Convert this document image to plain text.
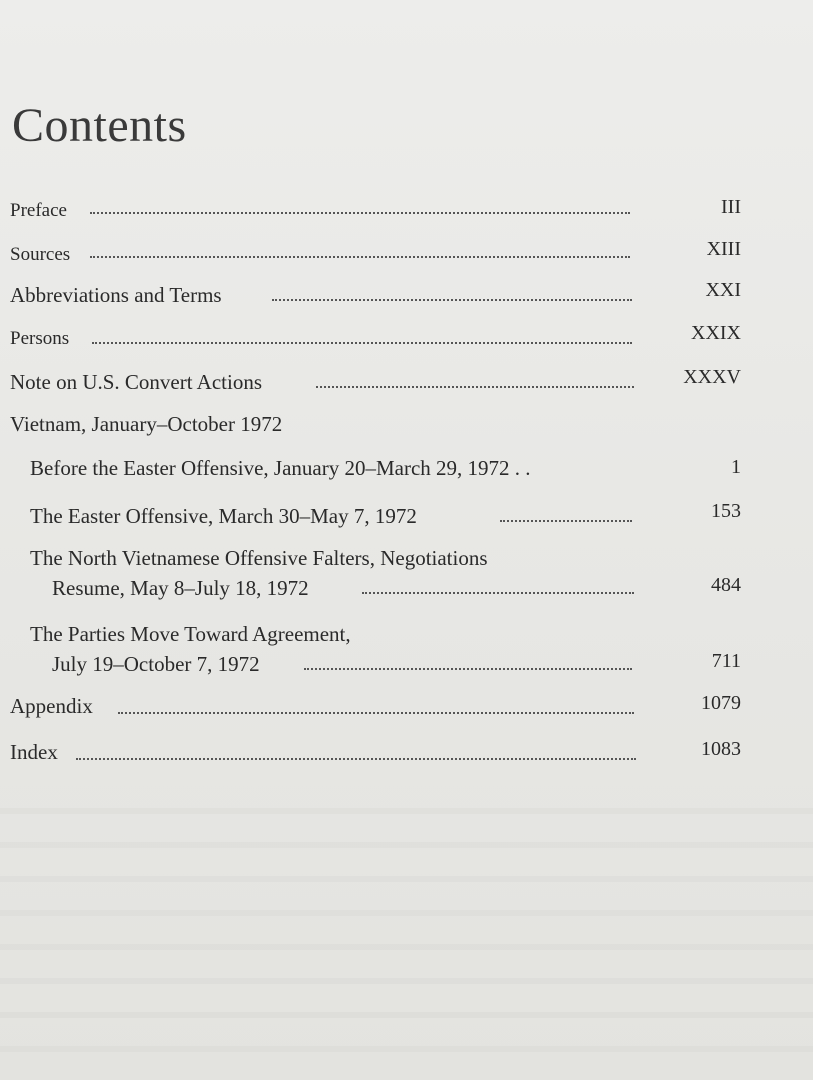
Contents
Preface	III
Sources	XIII
Abbreviations and Terms	XXI
Persons	XXIX
Note on U.S. Convert Actions	XXXV
Vietnam, January–October 1972
Before the Easter Offensive, January 20–March 29, 1972 . .	1
The Easter Offensive, March 30–May 7, 1972	153
The North Vietnamese Offensive Falters, Negotiations
Resume, May 8–July 18, 1972	484
The Parties Move Toward Agreement,
July 19–October 7, 1972	711
Appendix	1079
Index	1083
